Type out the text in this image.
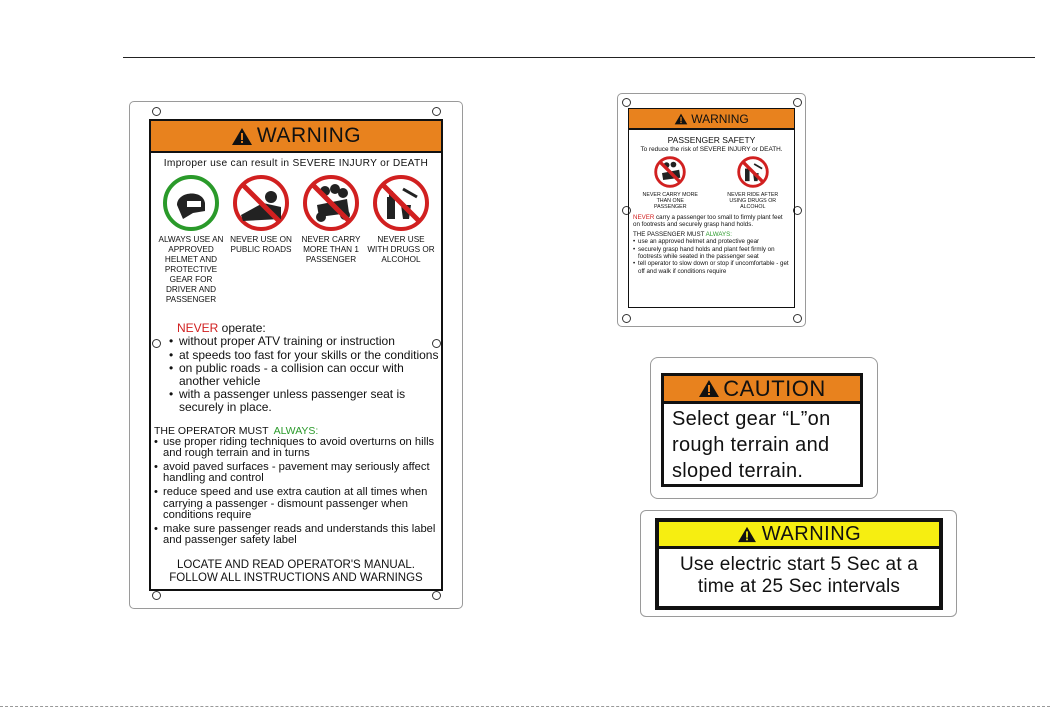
WARNING
Improper use can result in SEVERE INJURY or DEATH
ALWAYS USE AN APPROVED HELMET AND PROTECTIVE GEAR FOR DRIVER AND PASSENGER
NEVER USE ON PUBLIC ROADS
NEVER CARRY MORE THAN 1 PASSENGER
NEVER USE WITH DRUGS OR ALCOHOL
NEVER operate:
• without proper ATV training or instruction
• at speeds too fast for your skills or the conditions
• on public roads - a collision can occur with another vehicle
• with a passenger unless passenger seat is securely in place.
THE OPERATOR MUST  ALWAYS:
• use proper riding techniques to avoid overturns on hills and rough terrain and in turns
• avoid paved surfaces - pavement may seriously affect handling and control
• reduce speed and use extra caution at all times when carrying a passenger - dismount passenger when conditions require
• make sure passenger reads and understands this label and passenger safety label
LOCATE AND READ OPERATOR'S MANUAL.
FOLLOW ALL INSTRUCTIONS AND WARNINGS
WARNING
PASSENGER SAFETY
To reduce the risk of SEVERE INJURY or DEATH.
NEVER CARRY MORE THAN ONE PASSENGER
NEVER RIDE AFTER USING DRUGS OR ALCOHOL

NEVER carry a passenger too small to firmly plant feet on footrests and securely grasp hand holds.

THE PASSENGER MUST ALWAYS:

• use an approved helmet and protective gear
• securely grasp hand holds and plant feet firmly on footrests while seated in the passenger seat
• tell operator to slow down or stop if uncomfortable - get off and walk if conditions require
CAUTION
Select gear “L”on
rough terrain and
sloped terrain.
WARNING
Use electric start 5 Sec at a
time at 25 Sec intervals
